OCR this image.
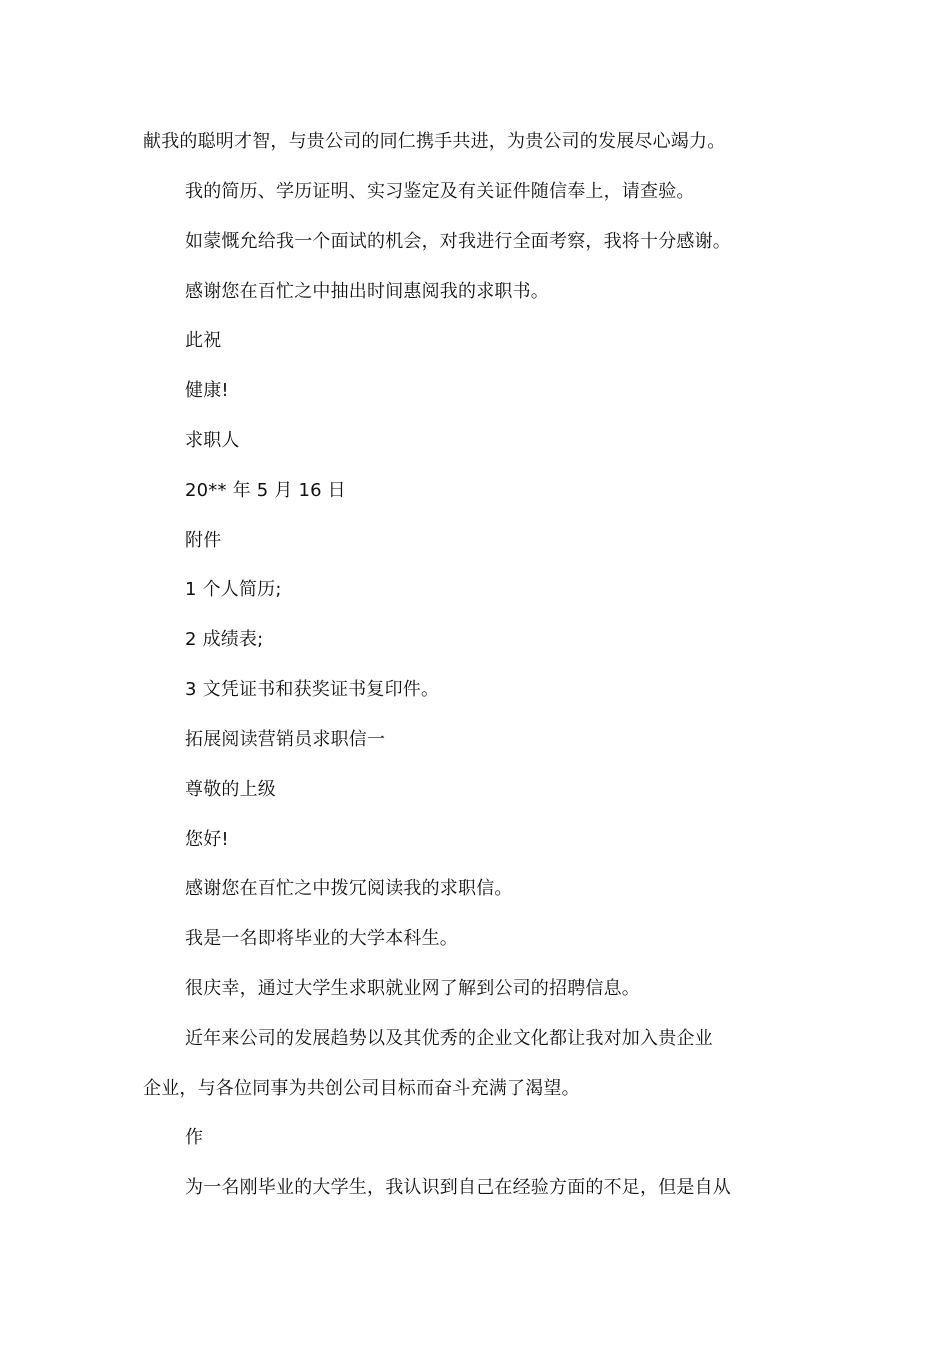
献我的聪明才智，与贵公司的同仁携手共进，为贵公司的发展尽心竭力。
我的简历、学历证明、实习鉴定及有关证件随信奉上，请查验。
如蒙慨允给我一个面试的机会，对我进行全面考察，我将十分感谢。
感谢您在百忙之中抽出时间惠阅我的求职书。
此祝
健康!
求职人
20** 年 5 月 16 日
附件
1 个人简历;
2 成绩表;
3 文凭证书和获奖证书复印件。
拓展阅读营销员求职信一
尊敬的上级
您好!
感谢您在百忙之中拨冗阅读我的求职信。
我是一名即将毕业的大学本科生。
很庆幸，通过大学生求职就业网了解到公司的招聘信息。
近年来公司的发展趋势以及其优秀的企业文化都让我对加入贵企业
企业，与各位同事为共创公司目标而奋斗充满了渴望。
作
为一名刚毕业的大学生，我认识到自己在经验方面的不足，但是自从
